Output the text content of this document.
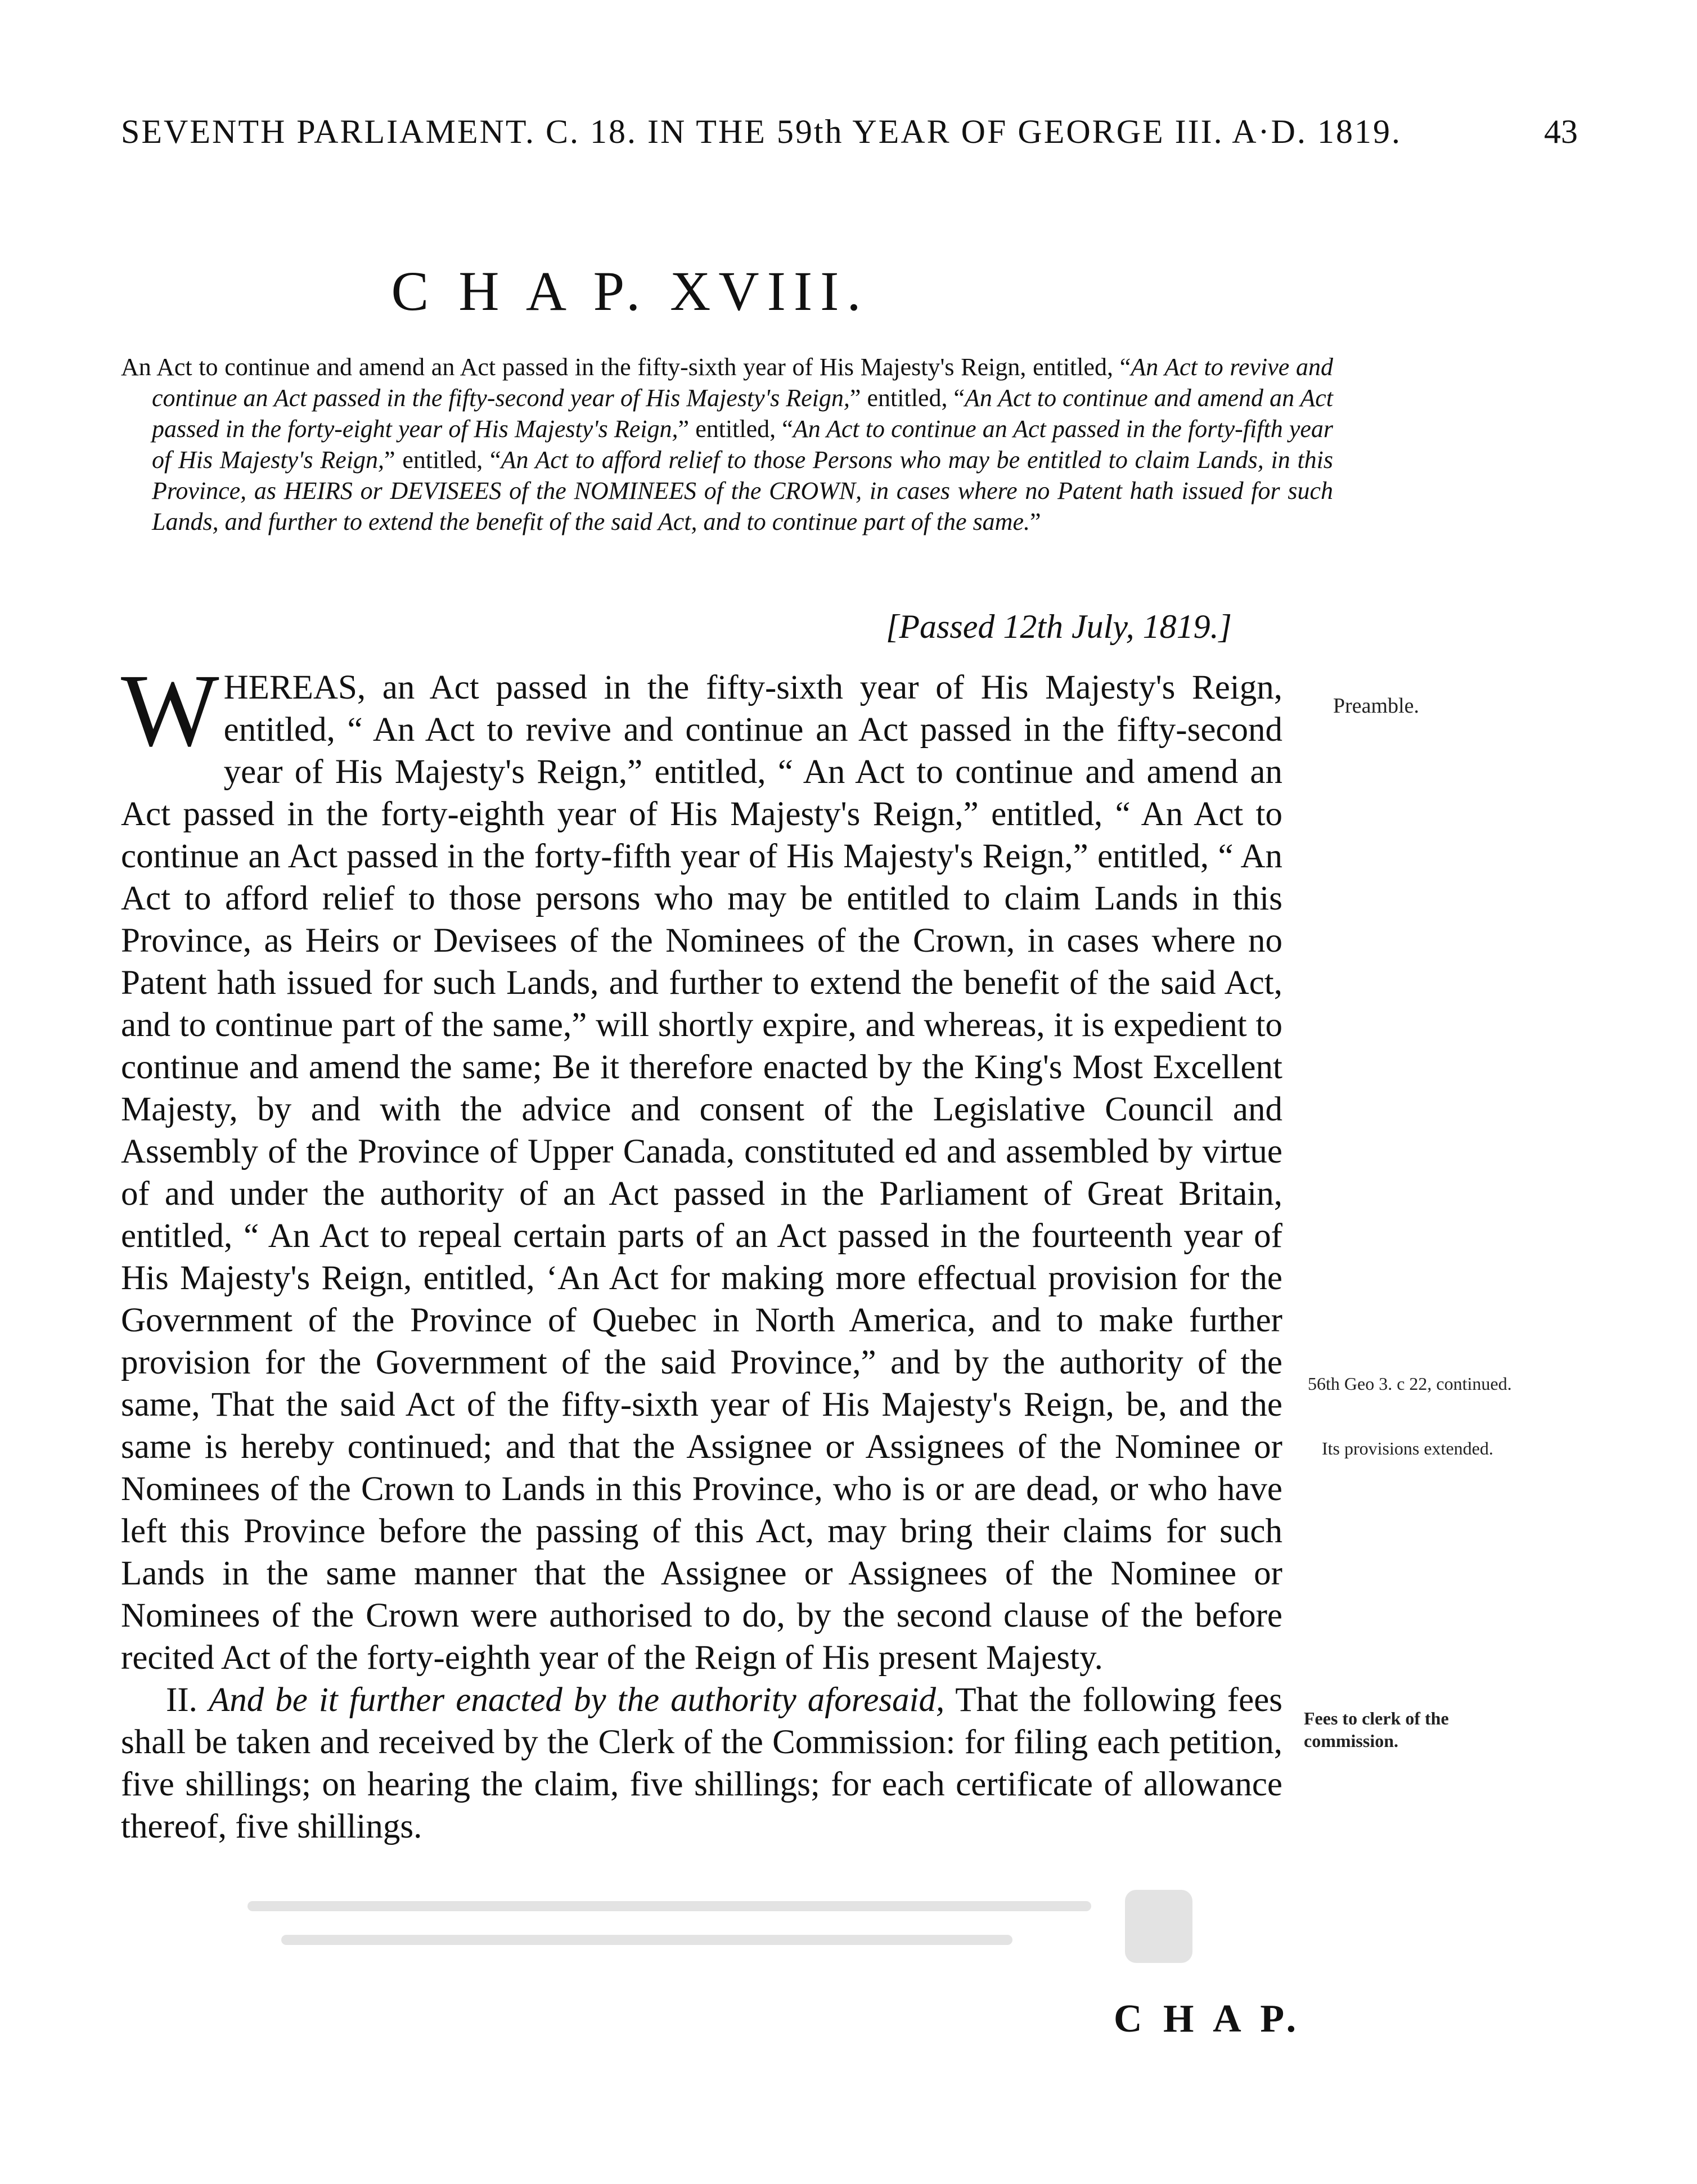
SEVENTH PARLIAMENT. C. 18. IN THE 59th YEAR OF GEORGE III. A·D. 1819.	43
C H A P. XVIII.
An Act to continue and amend an Act passed in the fifty-sixth year of His Majesty's Reign, entitled, “An Act to revive and continue an Act passed in the fifty-second year of His Majesty's Reign,” entitled, “An Act to continue and amend an Act passed in the forty-eight year of His Majesty's Reign,” entitled, “An Act to continue an Act passed in the forty-fifth year of His Majesty's Reign,” entitled, “An Act to afford relief to those Persons who may be entitled to claim Lands, in this Province, as HEIRS or DEVISEES of the NOMINEES of the CROWN, in cases where no Patent hath issued for such Lands, and further to extend the benefit of the said Act, and to continue part of the same.”
[Passed 12th July, 1819.]
WHEREAS, an Act passed in the fifty-sixth year of His Majesty's Reign, entitled, “ An Act to revive and continue an Act passed in the fifty-second year of His Majesty's Reign,” entitled, “ An Act to continue and amend an Act passed in the forty-eighth year of His Majesty's Reign,” entitled, “ An Act to continue an Act passed in the forty-fifth year of His Majesty's Reign,” entitled, “ An Act to afford relief to those persons who may be entitled to claim Lands in this Province, as Heirs or Devisees of the Nominees of the Crown, in cases where no Patent hath issued for such Lands, and further to extend the benefit of the said Act, and to continue part of the same,” will shortly expire, and whereas, it is expedient to continue and amend the same; Be it therefore enacted by the King's Most Excellent Majesty, by and with the advice and consent of the Legislative Council and Assembly of the Province of Upper Canada, constituted ed and assembled by virtue of and under the authority of an Act passed in the Parliament of Great Britain, entitled, “ An Act to repeal certain parts of an Act passed in the fourteenth year of His Majesty's Reign, entitled, ‘An Act for making more effectual provision for the Government of the Province of Quebec in North America, and to make further provision for the Government of the said Province,” and by the authority of the same, That the said Act of the fifty-sixth year of His Majesty's Reign, be, and the same is hereby continued; and that the Assignee or Assignees of the Nominee or Nominees of the Crown to Lands in this Province, who is or are dead, or who have left this Province before the passing of this Act, may bring their claims for such Lands in the same manner that the Assignee or Assignees of the Nominee or Nominees of the Crown were authorised to do, by the second clause of the before recited Act of the forty-eighth year of the Reign of His present Majesty.
II. And be it further enacted by the authority aforesaid, That the following fees shall be taken and received by the Clerk of the Commission: for filing each petition, five shillings; on hearing the claim, five shillings; for each certificate of allowance thereof, five shillings.
Preamble.
56th Geo 3. c 22, continued.
Its provisions extended.
Fees to clerk of the commission.
C H A P.
